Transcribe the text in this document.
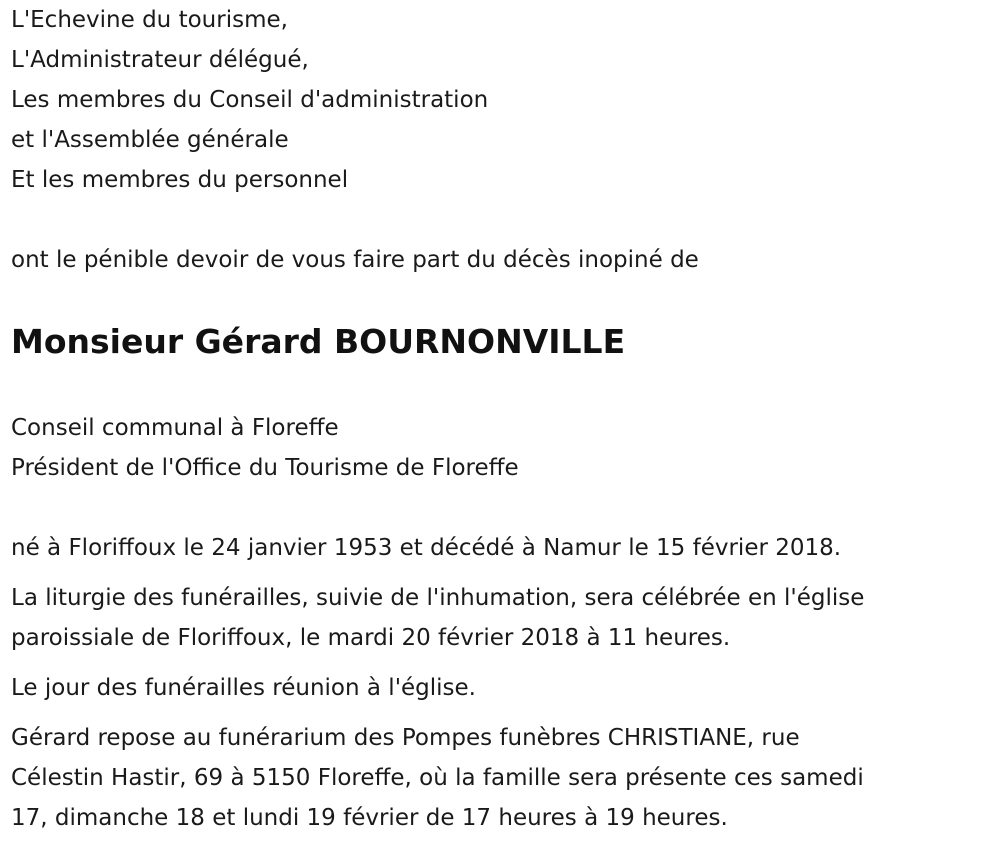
L'Echevine du tourisme,
L'Administrateur délégué,
Les membres du Conseil d'administration
et l'Assemblée générale
Et les membres du personnel
ont le pénible devoir de vous faire part du décès inopiné de
Monsieur Gérard BOURNONVILLE
Conseil communal à Floreffe
Président de l'Office du Tourisme de Floreffe
né à Floriffoux le 24 janvier 1953 et décédé à Namur le 15 février 2018.
La liturgie des funérailles, suivie de l'inhumation, sera célébrée en l'église
paroissiale de Floriffoux, le mardi 20 février 2018 à 11 heures.
Le jour des funérailles réunion à l'église.
Gérard repose au funérarium des Pompes funèbres CHRISTIANE, rue
Célestin Hastir, 69 à 5150 Floreffe, où la famille sera présente ces samedi
17, dimanche 18 et lundi 19 février de 17 heures à 19 heures.
